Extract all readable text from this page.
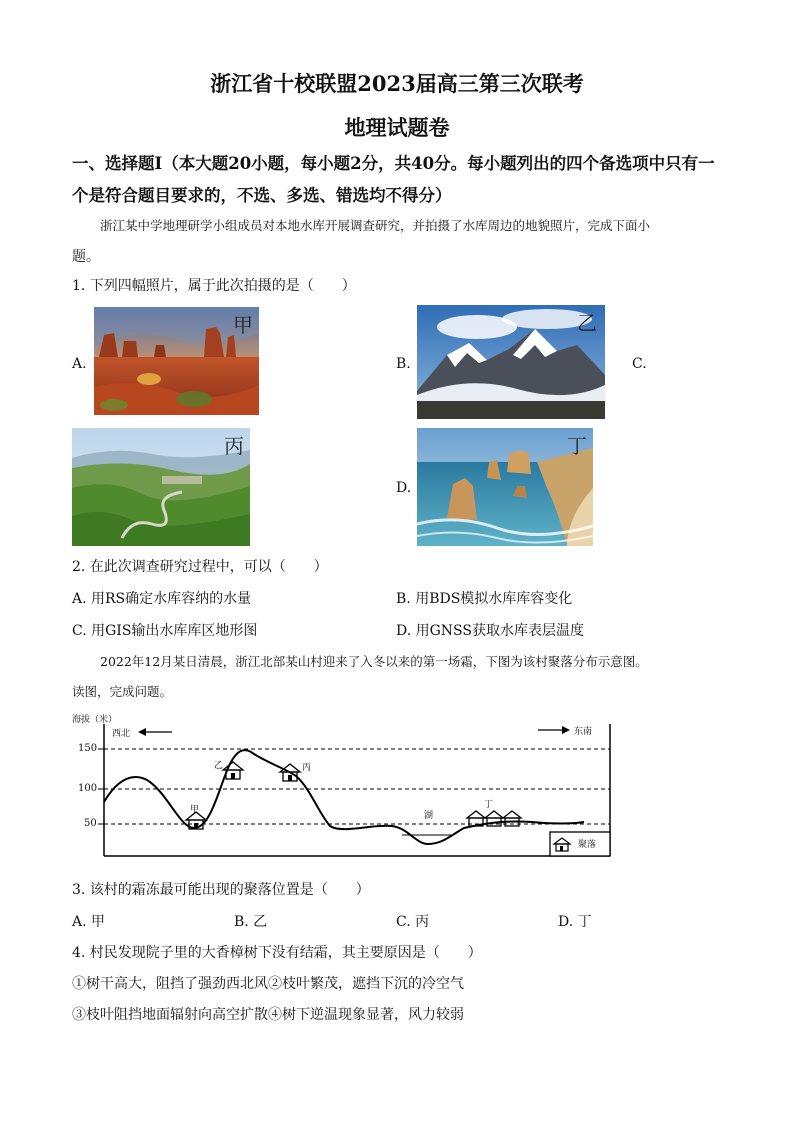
浙江省十校联盟2023届高三第三次联考
地理试题卷
一、选择题Ⅰ（本大题20小题，每小题2分，共40分。每小题列出的四个备选项中只有一
个是符合题目要求的，不选、多选、错选均不得分）
浙江某中学地理研学小组成员对本地水库开展调查研究，并拍摄了水库周边的地貌照片，完成下面小
题。
1. 下列四幅照片，属于此次拍摄的是（　　）
A.
甲
B.
乙
C.
丙
D.
丁
2. 在此次调查研究过程中，可以（　　）
A. 用RS确定水库容纳的水量	B. 用BDS模拟水库库容变化
C. 用GIS输出水库库区地形图	D. 用GNSS获取水库表层温度
2022年12月某日清晨，浙江北部某山村迎来了入冬以来的第一场霜，下图为该村聚落分布示意图。
读图，完成问题。
海拔（米）
150
100
50
西北	东南
甲
乙	丙
丁
湖
聚落
3. 该村的霜冻最可能出现的聚落位置是（　　）
A. 甲	B. 乙	C. 丙	D. 丁
4. 村民发现院子里的大香樟树下没有结霜，其主要原因是（　　）
①树干高大，阻挡了强劲西北风②枝叶繁茂，遮挡下沉的冷空气
③枝叶阻挡地面辐射向高空扩散④树下逆温现象显著，风力较弱
